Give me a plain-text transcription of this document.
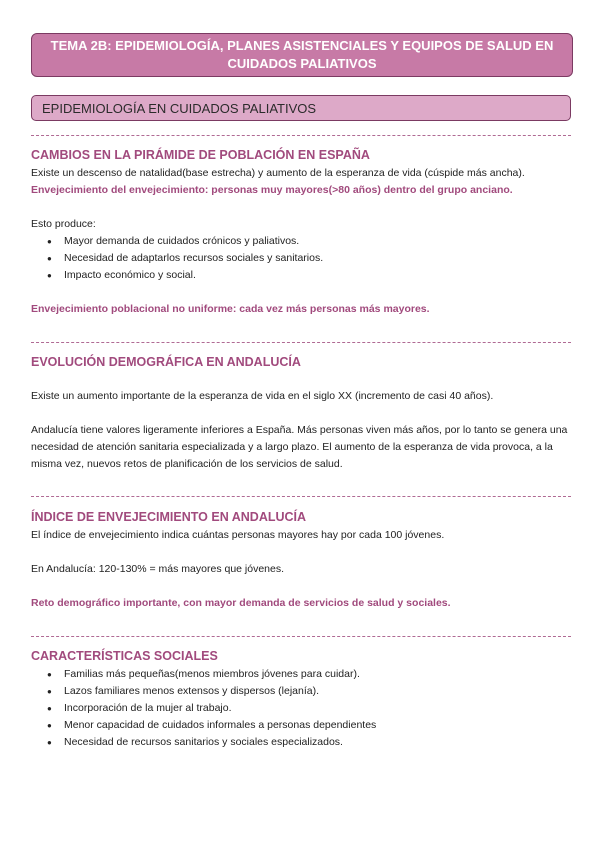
TEMA 2B: EPIDEMIOLOGÍA, PLANES ASISTENCIALES Y EQUIPOS DE SALUD EN
CUIDADOS PALIATIVOS
EPIDEMIOLOGÍA EN CUIDADOS PALIATIVOS
CAMBIOS EN LA PIRÁMIDE DE POBLACIÓN EN ESPAÑA
Existe un descenso de natalidad(base estrecha) y aumento de la esperanza de vida (cúspide más ancha).
Envejecimiento del envejecimiento: personas muy mayores(>80 años) dentro del grupo anciano.
Esto produce:
● Mayor demanda de cuidados crónicos y paliativos.
● Necesidad de adaptarlos recursos sociales y sanitarios.
● Impacto económico y social.
Envejecimiento poblacional no uniforme: cada vez más personas más mayores.
EVOLUCIÓN DEMOGRÁFICA EN ANDALUCÍA
Existe un aumento importante de la esperanza de vida en el siglo XX (incremento de casi 40 años).
Andalucía tiene valores ligeramente inferiores a España. Más personas viven más años, por lo tanto se genera una necesidad de atención sanitaria especializada y a largo plazo. El aumento de la esperanza de vida provoca, a la misma vez, nuevos retos de planificación de los servicios de salud.
ÍNDICE DE ENVEJECIMIENTO EN ANDALUCÍA
El índice de envejecimiento indica cuántas personas mayores hay por cada 100 jóvenes.
En Andalucía: 120-130% = más mayores que jóvenes.
Reto demográfico importante, con mayor demanda de servicios de salud y sociales.
CARACTERÍSTICAS SOCIALES
● Familias más pequeñas(menos miembros jóvenes para cuidar).
● Lazos familiares menos extensos y dispersos (lejanía).
● Incorporación de la mujer al trabajo.
● Menor capacidad de cuidados informales a personas dependientes
● Necesidad de recursos sanitarios y sociales especializados.
